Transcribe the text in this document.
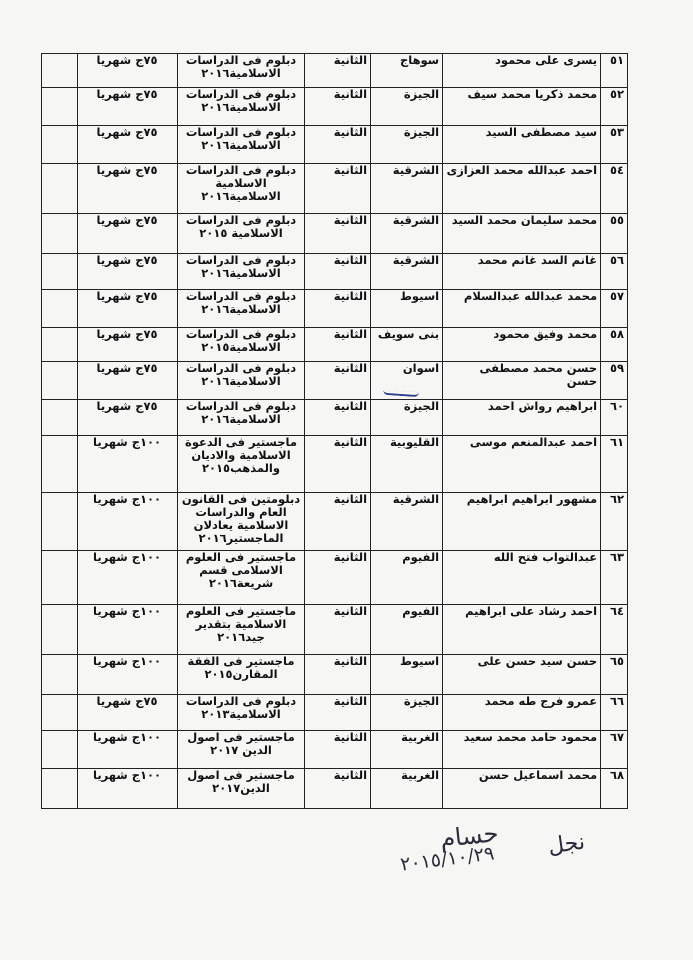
٥١	يسرى على محمود	سوهاج	الثانية	دبلوم فى الدراسات الاسلامية٢٠١٦	٧٥ج شهريا	
٥٢	محمد ذكريا محمد سيف	الجيزة	الثانية	دبلوم فى الدراسات الاسلامية٢٠١٦	٧٥ج شهريا	
٥٣	سيد مصطفى السيد	الجيزة	الثانية	دبلوم فى الدراسات الاسلامية٢٠١٦	٧٥ج شهريا	
٥٤	احمد عبدالله محمد العزازى	الشرقية	الثانية	دبلوم فى الدراسات الاسلامية الاسلامية٢٠١٦	٧٥ج شهريا	
٥٥	محمد سليمان محمد السيد	الشرقية	الثانية	دبلوم فى الدراسات الاسلامية ٢٠١٥	٧٥ج شهريا	
٥٦	غانم السد غانم محمد	الشرقية	الثانية	دبلوم فى الدراسات الاسلامية٢٠١٦	٧٥ج شهريا	
٥٧	محمد عبدالله عبدالسلام	اسيوط	الثانية	دبلوم فى الدراسات الاسلامية٢٠١٦	٧٥ج شهريا	
٥٨	محمد وفيق محمود	بنى سويف	الثانية	دبلوم فى الدراسات الاسلامية٢٠١٥	٧٥ج شهريا	
٥٩	حسن محمد مصطفى حسن	اسوان	الثانية	دبلوم فى الدراسات الاسلامية٢٠١٦	٧٥ج شهريا	
٦٠	ابراهيم رواش احمد	الجيزة	الثانية	دبلوم فى الدراسات الاسلامية٢٠١٦	٧٥ج شهريا	
٦١	احمد عبدالمنعم موسى	القليوبية	الثانية	ماجستير فى الدعوة الاسلامية والاديان والمذهب٢٠١٥	١٠٠ج شهريا	
٦٢	مشهور ابراهيم ابراهيم	الشرقية	الثانية	دبلومتين فى القانون العام والدراسات الاسلامية يعادلان الماجستير٢٠١٦	١٠٠ج شهريا	
٦٣	عبدالتواب فتح الله	الفيوم	الثانية	ماجستير فى العلوم الاسلامى قسم شريعة٢٠١٦	١٠٠ج شهريا	
٦٤	احمد رشاد على ابراهيم	الفيوم	الثانية	ماجستير فى العلوم الاسلامية بتقدير جيد٢٠١٦	١٠٠ج شهريا	
٦٥	حسن سيد حسن على	اسيوط	الثانية	ماجستير فى الفقة المقارن٢٠١٥	١٠٠ج شهريا	
٦٦	عمرو فرج طه محمد	الجيزة	الثانية	دبلوم فى الدراسات الاسلامية٢٠١٣	٧٥ج شهريا	
٦٧	محمود حامد محمد سعيد	الغربية	الثانية	ماجستير فى اصول الدين ٢٠١٧	١٠٠ج شهريا	
٦٨	محمد اسماعيل حسن	الغربية	الثانية	ماجستير فى اصول الدين٢٠١٧	١٠٠ج شهريا	
نجل
حسام
٢٠١٥/١٠/٢٩
